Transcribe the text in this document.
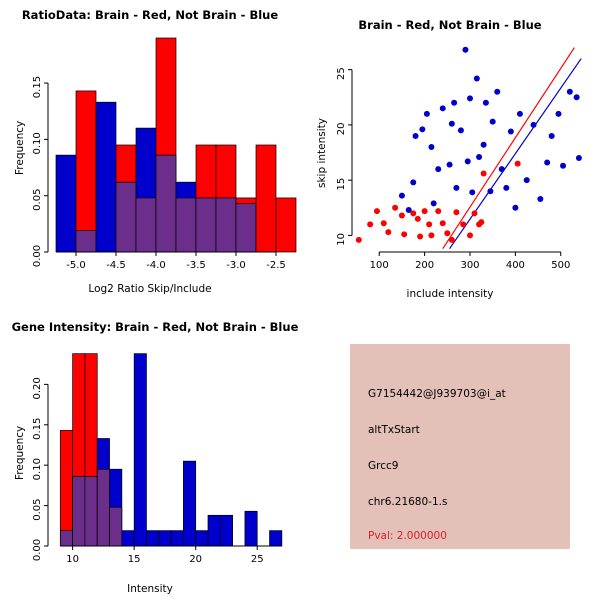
RatioData: Brain - Red, Not Brain - Blue
-5.0 -4.5 -4.0 -3.5 -3.0 -2.5
0.00
0.05
0.10
0.15
Log2 Ratio Skip/Include
Frequency
Brain - Red, Not Brain - Blue
100	200	300	400	500
10
15
20
25
include intensity
skip intensity
Gene Intensity: Brain - Red, Not Brain - Blue
10	15	20	25
0.00
0.05
0.10
0.15
0.20
Intensity
Frequency
G7154442@J939703@i_at
altTxStart
Grcc9
chr6.21680-1.s
Pval: 2.000000
